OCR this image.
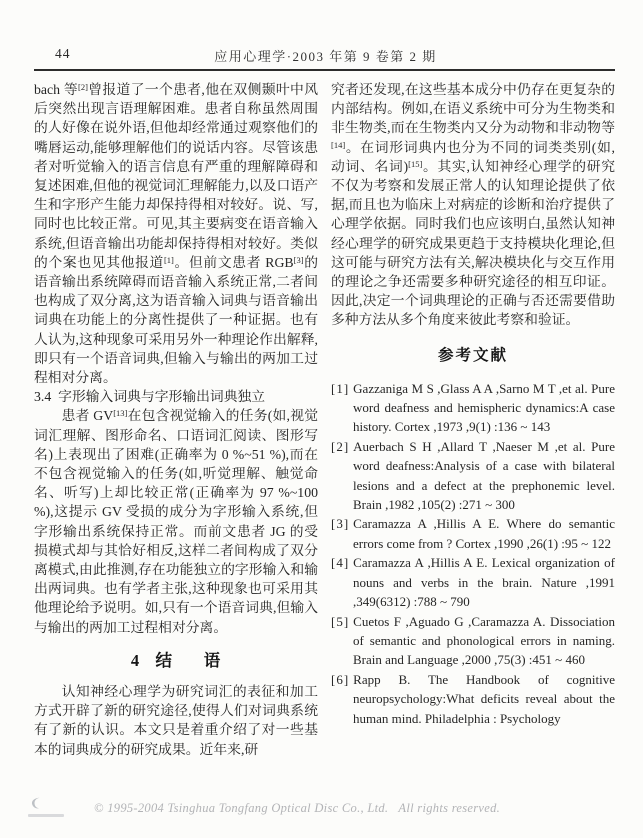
44	应用心理学·2003 年第 9 卷第 2 期

bach 等[2]曾报道了一个患者,他在双侧颞叶中风后突然出现言语理解困难。患者自称虽然周围的人好像在说外语,但他却经常通过观察他们的嘴唇运动,能够理解他们的说话内容。尽管该患者对听觉输入的语言信息有严重的理解障碍和复述困难,但他的视觉词汇理解能力,以及口语产生和字形产生能力却保持得相对较好。说、写,同时也比较正常。可见,其主要病变在语音输入系统,但语音输出功能却保持得相对较好。类似的个案也见其他报道[1]。但前文患者 RGB[3]的语音输出系统障碍而语音输入系统正常,二者间也构成了双分离,这为语音输入词典与语音输出词典在功能上的分离性提供了一种证据。也有人认为,这种现象可采用另外一种理论作出解释,即只有一个语音词典,但输入与输出的两加工过程相对分离。

3.4  字形输入词典与字形输出词典独立

患者 GV[13]在包含视觉输入的任务(如,视觉词汇理解、图形命名、口语词汇阅读、图形写名)上表现出了困难(正确率为 0 %~51 %),而在不包含视觉输入的任务(如,听觉理解、触觉命名、听写)上却比较正常(正确率为 97 %~100 %),这提示 GV 受损的成分为字形输入系统,但字形输出系统保持正常。而前文患者 JG 的受损模式却与其恰好相反,这样二者间构成了双分离模式,由此推测,存在功能独立的字形输入和输出两词典。也有学者主张,这种现象也可采用其他理论给予说明。如,只有一个语音词典,但输入与输出的两加工过程相对分离。

4   结      语

认知神经心理学为研究词汇的表征和加工方式开辟了新的研究途径,使得人们对词典系统有了新的认识。本文只是着重介绍了对一些基本的词典成分的研究成果。近年来,研

究者还发现,在这些基本成分中仍存在更复杂的内部结构。例如,在语义系统中可分为生物类和非生物类,而在生物类内又分为动物和非动物等[14]。在词形词典内也分为不同的词类类别(如,动词、名词)[15]。其实,认知神经心理学的研究不仅为考察和发展正常人的认知理论提供了依据,而且也为临床上对病症的诊断和治疗提供了心理学依据。同时我们也应该明白,虽然认知神经心理学的研究成果更趋于支持模块化理论,但这可能与研究方法有关,解决模块化与交互作用的理论之争还需要多种研究途径的相互印证。因此,决定一个词典理论的正确与否还需要借助多种方法从多个角度来彼此考察和验证。

参考文献
[1] Gazzaniga M S ,Glass A A ,Sarno M T ,et al. Pure word deafness and hemispheric dynamics:A case history. Cortex ,1973 ,9(1) :136 ~ 143
[2] Auerbach S H ,Allard T ,Naeser M ,et al. Pure word deafness:Analysis of a case with bilateral lesions and a defect at the prephonemic level. Brain ,1982 ,105(2) :271 ~ 300
[3] Caramazza A ,Hillis A E. Where do semantic errors come from ? Cortex ,1990 ,26(1) :95 ~ 122
[4] Caramazza A ,Hillis A E. Lexical organization of nouns and verbs in the brain. Nature ,1991 ,349(6312) :788 ~ 790
[5] Cuetos F ,Aguado G ,Caramazza A. Dissociation of semantic and phonological errors in naming. Brain and Language ,2000 ,75(3) :451 ~ 460
[6] Rapp B. The Handbook of cognitive neuropsychology:What deficits reveal about the human mind. Philadelphia : Psychology
© 1995-2004 Tsinghua Tongfang Optical Disc Co., Ltd.   All rights reserved.
